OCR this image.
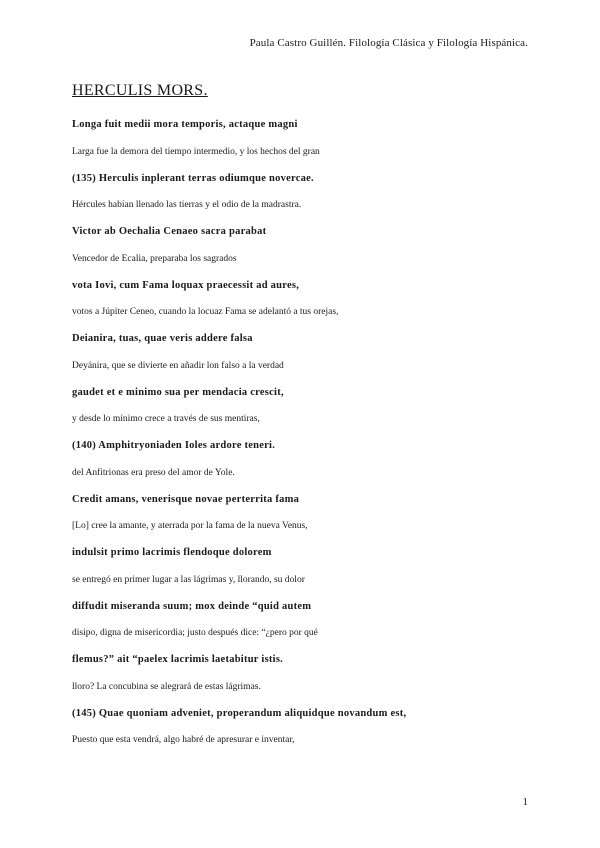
Paula Castro Guillén. Filología Clásica y Filología Hispánica.
HERCULIS MORS.
Longa fuit medii mora temporis, actaque magni
Larga fue la demora del tiempo intermedio, y los hechos del gran
(135) Herculis inplerant terras odiumque novercae.
Hércules habían llenado las tierras y el odio de la madrastra.
Victor ab Oechalia Cenaeo sacra parabat
Vencedor de Ecalia, preparaba los sagrados
vota Iovi, cum Fama loquax praecessit ad aures,
votos a Júpiter Ceneo, cuando la locuaz Fama se adelantó a tus orejas,
Deianira, tuas, quae veris addere falsa
Deyánira, que se divierte en añadir lon falso a la verdad
gaudet et e minimo sua per mendacia crescit,
y desde lo mínimo crece a través de sus mentiras,
(140) Amphitryoniaden Ioles ardore teneri.
del Anfitrionas era preso del amor de Yole.
Credit amans, venerisque novae perterrita fama
[Lo] cree la amante, y aterrada por la fama de la nueva Venus,
indulsit primo lacrimis flendoque dolorem
se entregó en primer lugar a las lágrimas y, llorando, su dolor
diffudit miseranda suum; mox deinde “quid autem
disipo, digna de misericordia; justo después dice: “¿pero por qué
flemus?” ait “paelex lacrimis laetabitur istis.
lloro? La concubina se alegrará de estas lágrimas.
(145) Quae quoniam adveniet, properandum aliquidque novandum est,
Puesto que esta vendrá, algo habré de apresurar e inventar,
1
